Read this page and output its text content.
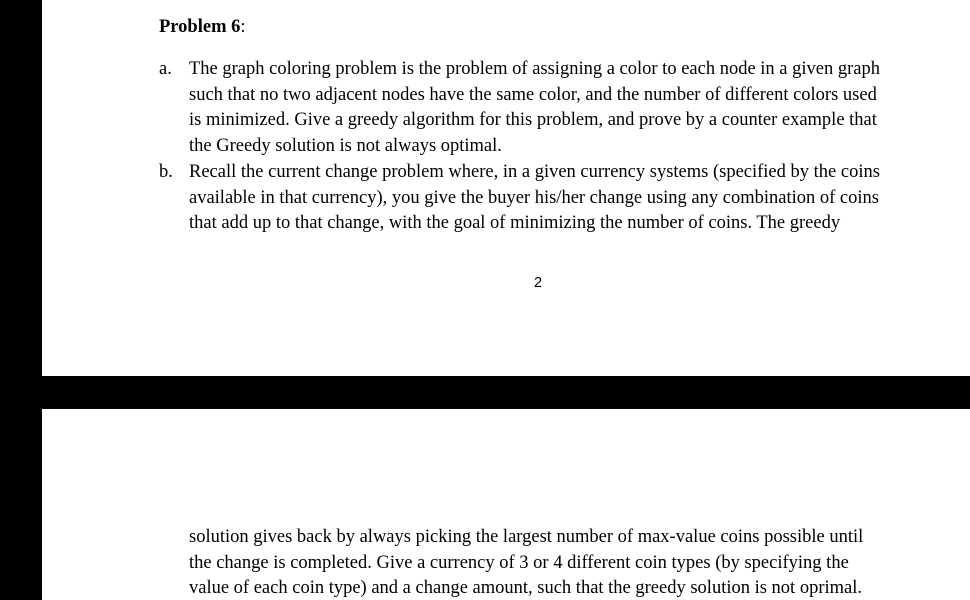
Problem 6:
a. The graph coloring problem is the problem of assigning a color to each node in a given graph
such that no two adjacent nodes have the same color, and the number of different colors used
is minimized. Give a greedy algorithm for this problem, and prove by a counter example that
the Greedy solution is not always optimal.
b. Recall the current change problem where, in a given currency systems (specified by the coins
available in that currency), you give the buyer his/her change using any combination of coins
that add up to that change, with the goal of minimizing the number of coins. The greedy
2
solution gives back by always picking the largest number of max-value coins possible until
the change is completed. Give a currency of 3 or 4 different coin types (by specifying the
value of each coin type) and a change amount, such that the greedy solution is not oprimal.
